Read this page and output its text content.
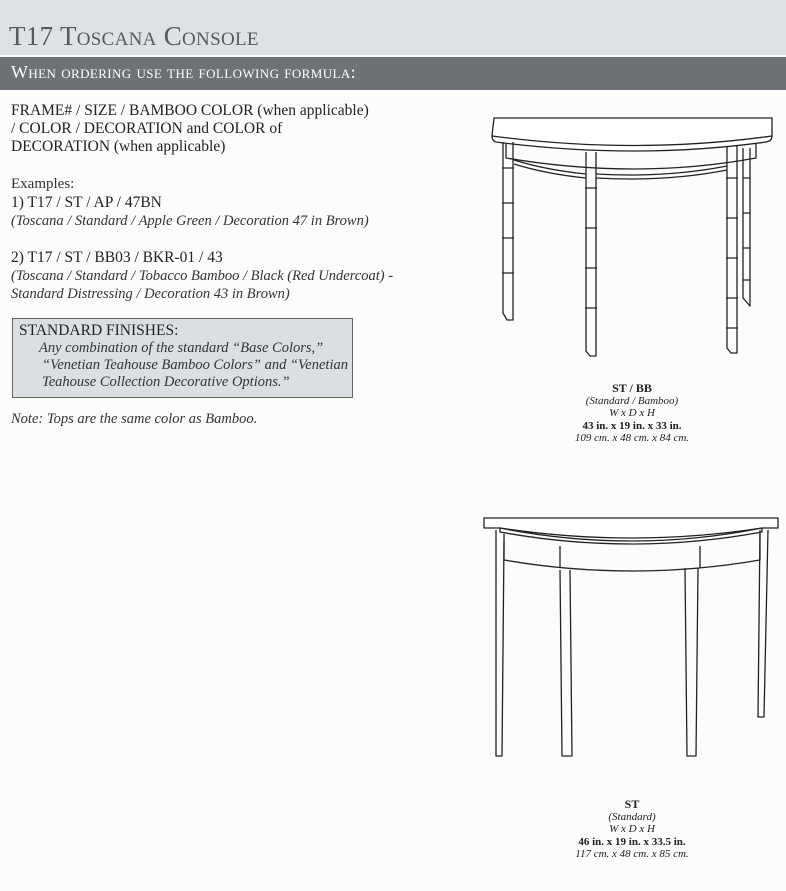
T17 Toscana Console
When ordering use the following formula:
FRAME# / SIZE / BAMBOO COLOR (when applicable)
/ COLOR / DECORATION and COLOR of
DECORATION (when applicable)
Examples:
1) T17 / ST / AP / 47BN
(Toscana / Standard / Apple Green / Decoration 47 in Brown)
2) T17 / ST / BB03 / BKR-01 / 43
(Toscana / Standard / Tobacco Bamboo / Black (Red Undercoat) -
Standard Distressing / Decoration 43 in Brown)
STANDARD FINISHES:
Any combination of the standard “Base Colors,”
“Venetian Teahouse Bamboo Colors” and “Venetian
Teahouse Collection Decorative Options.”
Note: Tops are the same color as Bamboo.
ST / BB
(Standard / Bamboo)
W x D x H
43 in. x 19 in. x 33 in.
109 cm. x 48 cm. x 84 cm.
ST
(Standard)
W x D x H
46 in. x 19 in. x 33.5 in.
117 cm. x 48 cm. x 85 cm.
